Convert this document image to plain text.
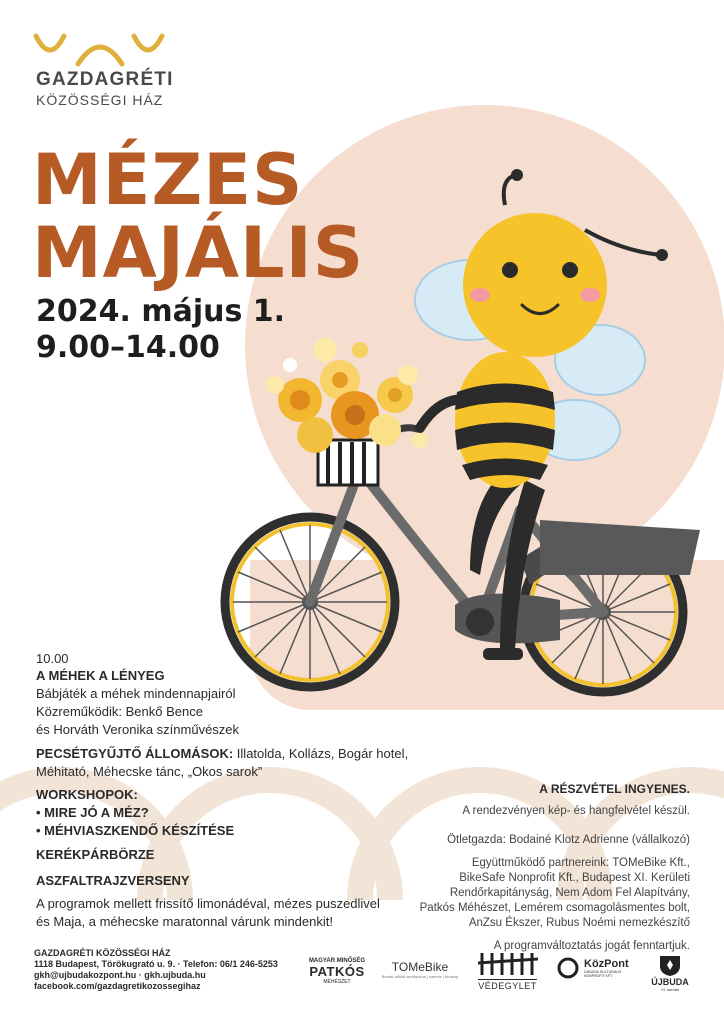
GAZDAGRÉTI
KÖZÖSSÉGI HÁZ
MÉZES
MAJÁLIS
2024. május 1.
9.00–14.00
10.00
A MÉHEK A LÉNYEG
Bábjáték a méhek mindennapjairól
Közreműködik: Benkő Bence
és Horváth Veronika színművészek
PECSÉTGYŰJTŐ ÁLLOMÁSOK: Illatolda, Kollázs, Bogár hotel,
Méhitató, Méhecske tánc, „Okos sarok”
WORKSHOPOK:
• MIRE JÓ A MÉZ?
• MÉHVIASZKENDŐ KÉSZÍTÉSE
KERÉKPÁRBÖRZE
ASZFALTRAJZVERSENY
A programok mellett frissítő limonádéval, mézes puszedlivel
és Maja, a méhecske maratonnal várunk mindenkit!
A RÉSZVÉTEL INGYENES.
A rendezvényen kép- és hangfelvétel készül.
Ötletgazda: Bodainé Klotz Adrienne (vállalkozó)
Együttműködő partnereink: TOMeBike Kft.,
BikeSafe Nonprofit Kft., Budapest XI. Kerületi
Rendőrkapitányság, Nem Adom Fel Alapítvány,
Patkós Méhészet, Lemérem csomagolásmentes bolt,
AnZsu Ékszer, Rubus Noémi nemezkészítő
A programváltoztatás jogát fenntartjuk.
GAZDAGRÉTI KÖZÖSSÉGI HÁZ
1118 Budapest, Törökugrató u. 9. · Telefon: 06/1 246-5253
gkh@ujbudakozpont.hu · gkh.ujbuda.hu
facebook.com/gazdagretikozossegihaz
MAGYAR MINŐSÉG
PATKÓS
MÉHÉSZET
TOMeBike
Boszik alföldi kerékpáros | szerviz | túrázóp
VÉDEGYLET
KözPont
ÚJBUDAI KULTURÁLIS NONPROFIT KFT.
ÚJBUDA
XI. kerület
